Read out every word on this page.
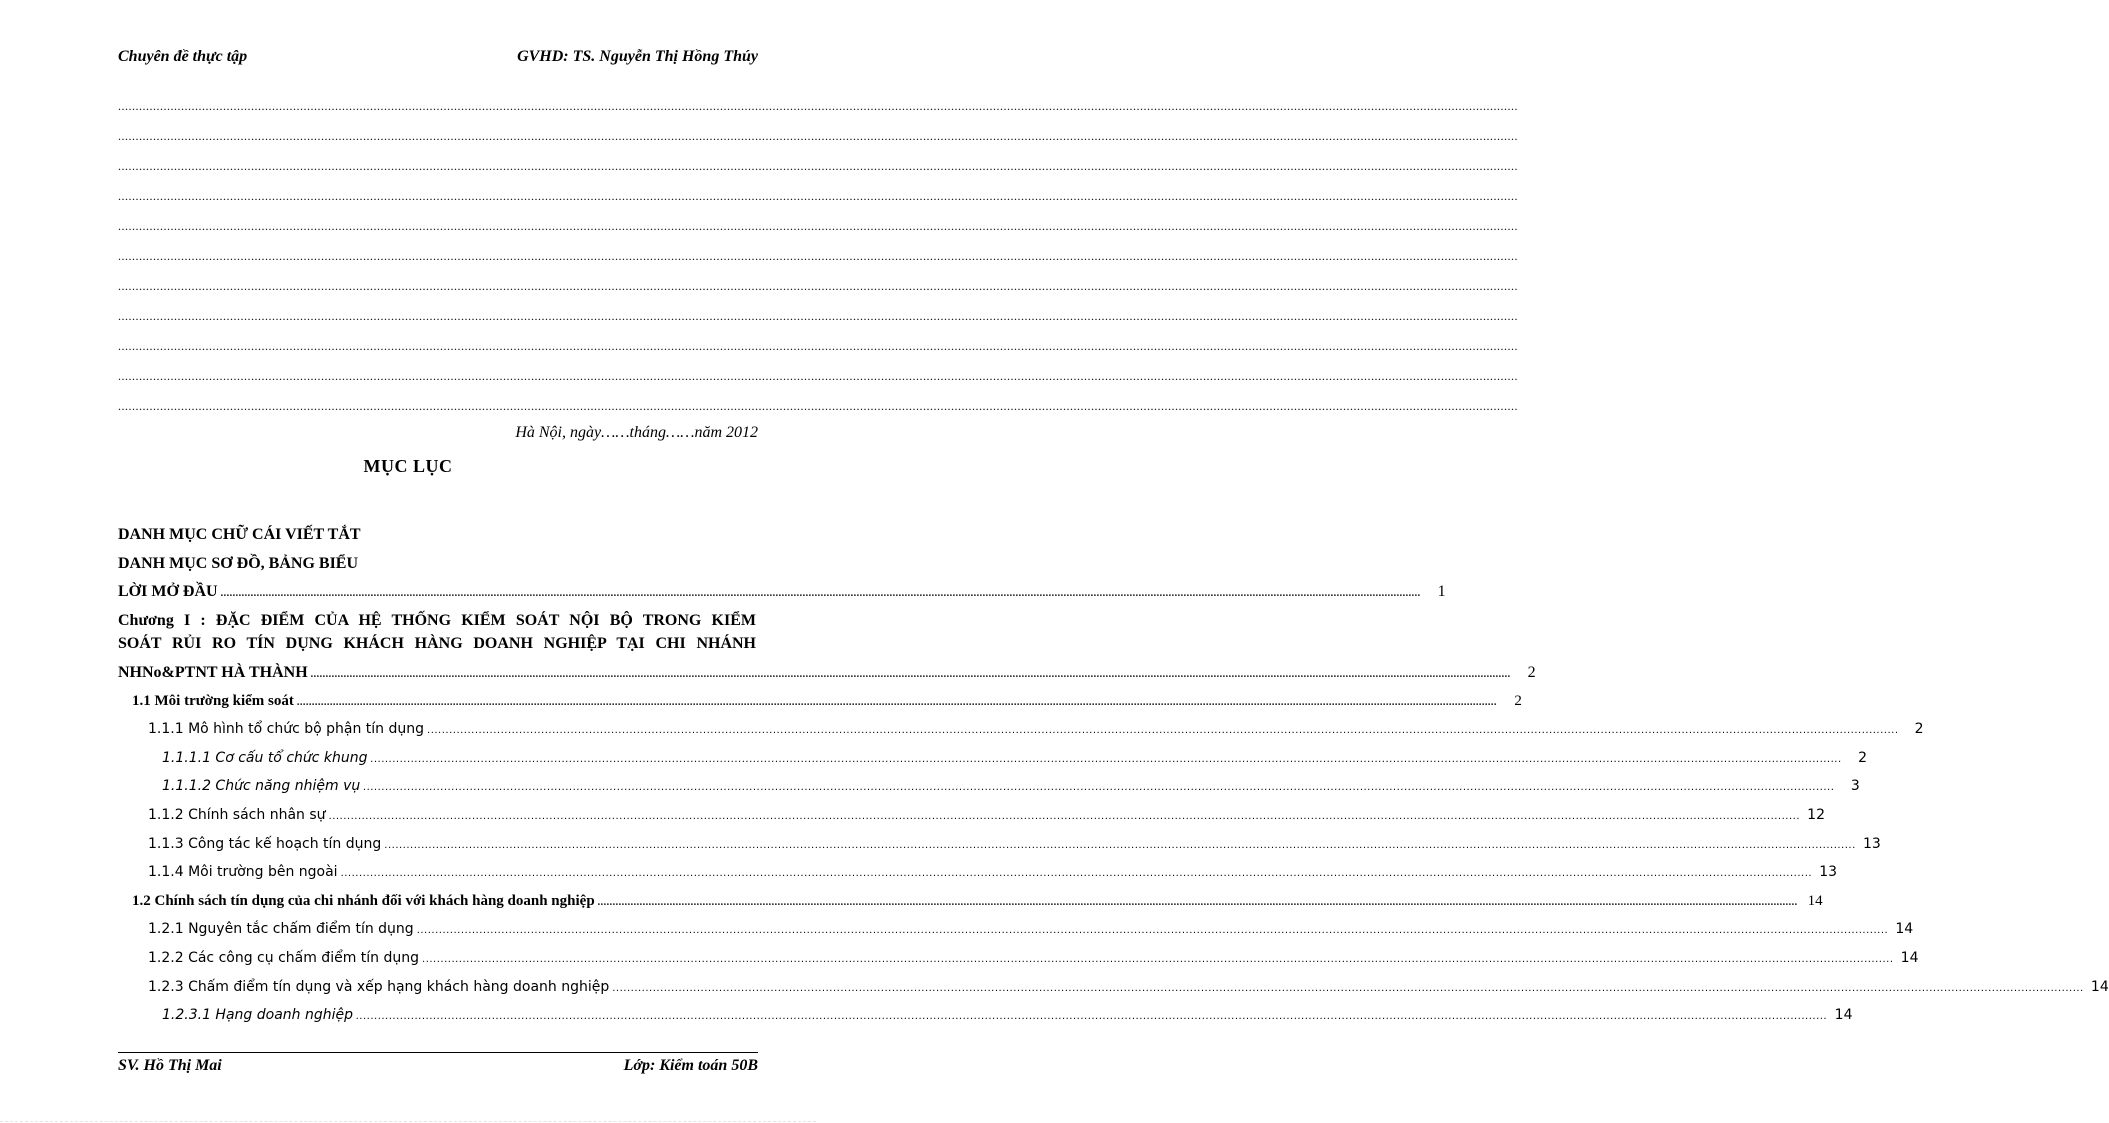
Chuyên đề thực tập	GVHD: TS. Nguyễn Thị Hồng Thúy
................................................................................................................................................................................................................................................................................................................................................................................................................
................................................................................................................................................................................................................................................................................................................................................................................................................
................................................................................................................................................................................................................................................................................................................................................................................................................
................................................................................................................................................................................................................................................................................................................................................................................................................
................................................................................................................................................................................................................................................................................................................................................................................................................
................................................................................................................................................................................................................................................................................................................................................................................................................
................................................................................................................................................................................................................................................................................................................................................................................................................
................................................................................................................................................................................................................................................................................................................................................................................................................
................................................................................................................................................................................................................................................................................................................................................................................................................
................................................................................................................................................................................................................................................................................................................................................................................................................
................................................................................................................................................................................................................................................................................................................................................................................................................
Hà Nội, ngày……tháng……năm 2012
MỤC LỤC
DANH MỤC CHỮ CÁI VIẾT TẮT
DANH MỤC SƠ ĐỒ, BẢNG BIỂU
LỜI MỞ ĐẦU ................................................................................................................................................................................................................................................................................................................................................................................................................	1
Chương I : ĐẶC ĐIỂM CỦA HỆ THỐNG KIỂM SOÁT NỘI BỘ TRONG KIỂM
SOÁT RỦI RO TÍN DỤNG KHÁCH HÀNG DOANH NGHIỆP TẠI CHI NHÁNH
NHNo&PTNT HÀ THÀNH ................................................................................................................................................................................................................................................................................................................................................................................................................	2
1.1 Môi trường kiểm soát ................................................................................................................................................................................................................................................................................................................................................................................................................	2
1.1.1 Mô hình tổ chức bộ phận tín dụng ................................................................................................................................................................................................................................................................................................................................................................................................................	2
1.1.1.1 Cơ cấu tổ chức khung ................................................................................................................................................................................................................................................................................................................................................................................................................	2
1.1.1.2 Chức năng nhiệm vụ ................................................................................................................................................................................................................................................................................................................................................................................................................	3
1.1.2 Chính sách nhân sự ................................................................................................................................................................................................................................................................................................................................................................................................................ 12
1.1.3 Công tác kế hoạch tín dụng ................................................................................................................................................................................................................................................................................................................................................................................................................ 13
1.1.4 Môi trường bên ngoài ................................................................................................................................................................................................................................................................................................................................................................................................................ 13
1.2 Chính sách tín dụng của chi nhánh đối với khách hàng doanh nghiệp ................................................................................................................................................................................................................................................................................................................................................................................................................ 14
1.2.1 Nguyên tắc chấm điểm tín dụng ................................................................................................................................................................................................................................................................................................................................................................................................................ 14
1.2.2 Các công cụ chấm điểm tín dụng ................................................................................................................................................................................................................................................................................................................................................................................................................ 14
1.2.3 Chấm điểm tín dụng và xếp hạng khách hàng doanh nghiệp ................................................................................................................................................................................................................................................................................................................................................................................................................ 14
1.2.3.1 Hạng doanh nghiệp ................................................................................................................................................................................................................................................................................................................................................................................................................ 14
SV. Hồ Thị Mai	Lớp: Kiểm toán 50B
